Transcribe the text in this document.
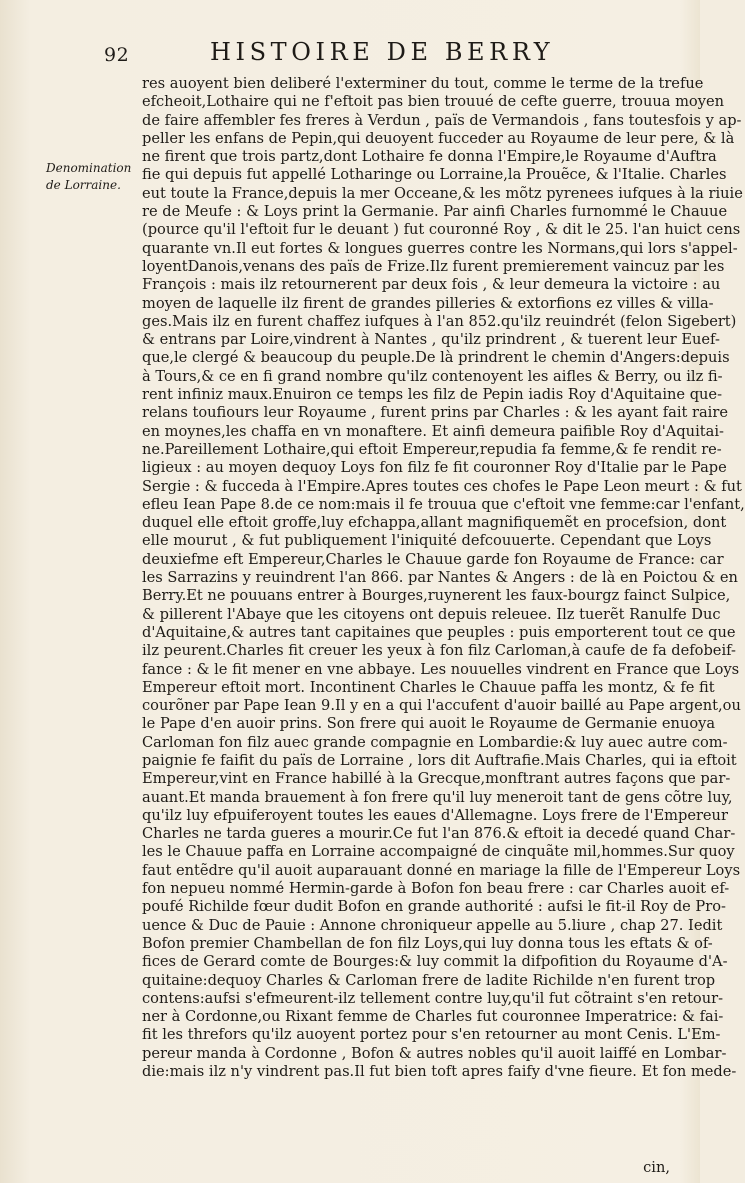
92	HISTOIRE DE BERRY
Denomination
de Lorraine.
res auoyent bien deliberé l'exterminer du tout, comme le terme de la trefue
efcheoit,Lothaire qui ne f'eftoit pas bien trouué de cefte guerre, trouua moyen
de faire affembler fes freres à Verdun , païs de Vermandois , fans toutesfois y ap-
peller les enfans de Pepin,qui deuoyent fucceder au Royaume de leur pere, & là
ne firent que trois partz,dont Lothaire fe donna l'Empire,le Royaume d'Auftra
fie qui depuis fut appellé Lotharinge ou Lorraine,la Prouẽce, & l'Italie. Charles
eut toute la France,depuis la mer Occeane,& les mõtz pyrenees iufques à la riuie
re de Meufe : & Loys print la Germanie. Par ainfi Charles furnommé le Chauue
(pource qu'il l'eftoit fur le deuant ) fut couronné Roy , & dit le 25. l'an huict cens
quarante vn.Il eut fortes & longues guerres contre les Normans,qui lors s'appel-
loyentDanois,venans des païs de Frize.Ilz furent premierement vaincuz par les
François : mais ilz retournerent par deux fois , & leur demeura la victoire : au
moyen de laquelle ilz firent de grandes pilleries & extorfions ez villes & villa-
ges.Mais ilz en furent chaffez iufques à l'an 852.qu'ilz reuindrét (felon Sigebert)
& entrans par Loire,vindrent à Nantes , qu'ilz prindrent , & tuerent leur Euef-
que,le clergé & beaucoup du peuple.De là prindrent le chemin d'Angers:depuis
à Tours,& ce en fi grand nombre qu'ilz contenoyent les aifles & Berry, ou ilz fi-
rent infiniz maux.Enuiron ce temps les filz de Pepin iadis Roy d'Aquitaine que-
relans toufiours leur Royaume , furent prins par Charles : & les ayant fait raire
en moynes,les chaffa en vn monaftere. Et ainfi demeura paifible Roy d'Aquitai-
ne.Pareillement Lothaire,qui eftoit Empereur,repudia fa femme,& fe rendit re-
ligieux : au moyen dequoy Loys fon filz fe fit couronner Roy d'Italie par le Pape
Sergie : & fucceda à l'Empire.Apres toutes ces chofes le Pape Leon meurt : & fut
efleu Iean Pape 8.de ce nom:mais il fe trouua que c'eftoit vne femme:car l'enfant,
duquel elle eftoit groffe,luy efchappa,allant magnifiquemẽt en procefsion, dont
elle mourut , & fut publiquement l'iniquité defcouuerte. Cependant que Loys
deuxiefme eft Empereur,Charles le Chauue garde fon Royaume de France: car
les Sarrazins y reuindrent l'an 866. par Nantes & Angers : de là en Poictou & en
Berry.Et ne pouuans entrer à Bourges,ruynerent les faux-bourgz fainct Sulpice,
& pillerent l'Abaye que les citoyens ont depuis releuee. Ilz tuerẽt Ranulfe Duc
d'Aquitaine,& autres tant capitaines que peuples : puis emporterent tout ce que
ilz peurent.Charles fit creuer les yeux à fon filz Carloman,à caufe de fa defobeif-
fance : & le fit mener en vne abbaye. Les nouuelles vindrent en France que Loys
Empereur eftoit mort. Incontinent Charles le Chauue paffa les montz, & fe fit
courõner par Pape Iean 9.Il y en a qui l'accufent d'auoir baillé au Pape argent,ou
le Pape d'en auoir prins. Son frere qui auoit le Royaume de Germanie enuoya
Carloman fon filz auec grande compagnie en Lombardie:& luy auec autre com-
paignie fe faifit du païs de Lorraine , lors dit Auftrafie.Mais Charles, qui ia eftoit
Empereur,vint en France habillé à la Grecque,monftrant autres façons que par-
auant.Et manda brauement à fon frere qu'il luy meneroit tant de gens cõtre luy,
qu'ilz luy efpuiferoyent toutes les eaues d'Allemagne. Loys frere de l'Empereur
Charles ne tarda gueres a mourir.Ce fut l'an 876.& eftoit ia decedé quand Char-
les le Chauue paffa en Lorraine accompaigné de cinquãte mil,hommes.Sur quoy
faut entẽdre qu'il auoit auparauant donné en mariage la fille de l'Empereur Loys
fon nepueu nommé Hermin-garde à Bofon fon beau frere : car Charles auoit ef-
poufé Richilde fœur dudit Bofon en grande authorité : aufsi le fit-il Roy de Pro-
uence & Duc de Pauie : Annone chroniqueur appelle au 5.liure , chap 27. Iedit
Bofon premier Chambellan de fon filz Loys,qui luy donna tous les eftats & of-
fices de Gerard comte de Bourges:& luy commit la difpofition du Royaume d'A-
quitaine:dequoy Charles & Carloman frere de ladite Richilde n'en furent trop
contens:aufsi s'efmeurent-ilz tellement contre luy,qu'il fut cõtraint s'en retour-
ner à Cordonne,ou Rixant femme de Charles fut couronnee Imperatrice: & fai-
fit les threfors qu'ilz auoyent portez pour s'en retourner au mont Cenis. L'Em-
pereur manda à Cordonne , Bofon & autres nobles qu'il auoit laiffé en Lombar-
die:mais ilz n'y vindrent pas.Il fut bien toft apres faify d'vne fieure. Et fon mede-
cin,
